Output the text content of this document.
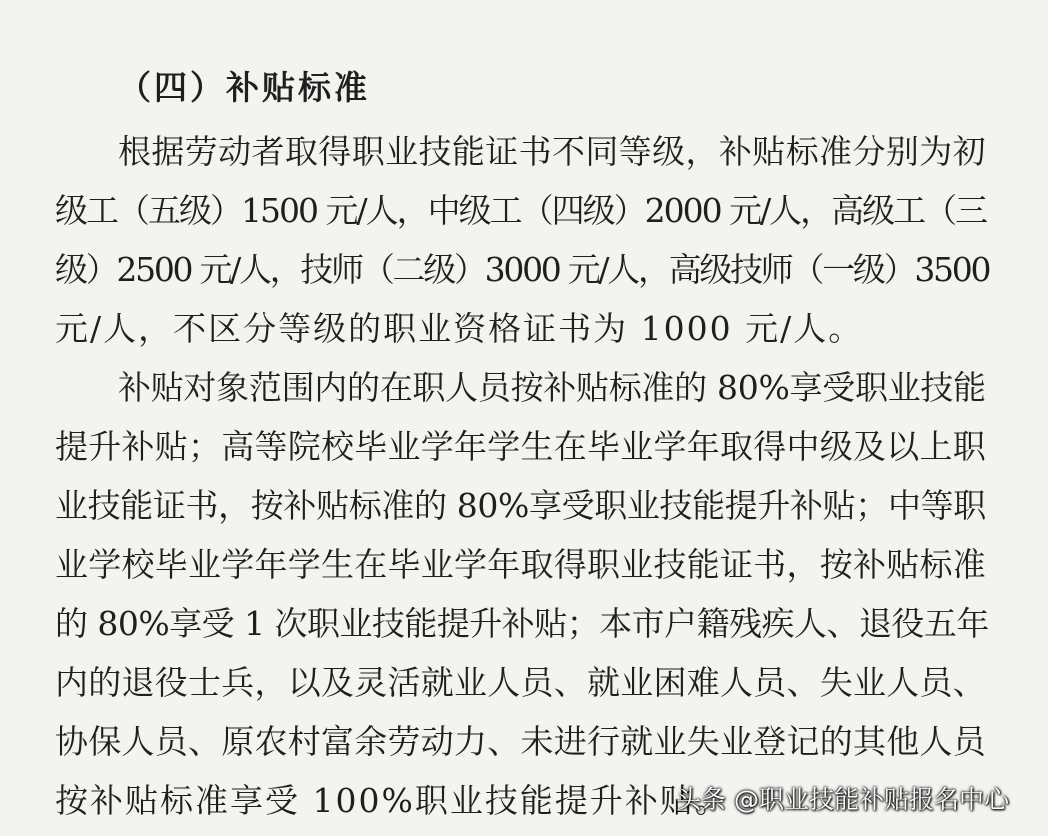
（四）补贴标准

根据劳动者取得职业技能证书不同等级，补贴标准分别为初

级工（五级）1500 元/人，中级工（四级）2000 元/人，高级工（三

级）2500 元/人，技师（二级）3000 元/人，高级技师（一级）3500

元/人，不区分等级的职业资格证书为 1000 元/人。

补贴对象范围内的在职人员按补贴标准的 80%享受职业技能

提升补贴；高等院校毕业学年学生在毕业学年取得中级及以上职

业技能证书，按补贴标准的 80%享受职业技能提升补贴；中等职

业学校毕业学年学生在毕业学年取得职业技能证书，按补贴标准

的 80%享受 1 次职业技能提升补贴；本市户籍残疾人、退役五年

内的退役士兵，以及灵活就业人员、就业困难人员、失业人员、

协保人员、原农村富余劳动力、未进行就业失业登记的其他人员

按补贴标准享受 100%职业技能提升补贴。

头条 @职业技能补贴报名中心
